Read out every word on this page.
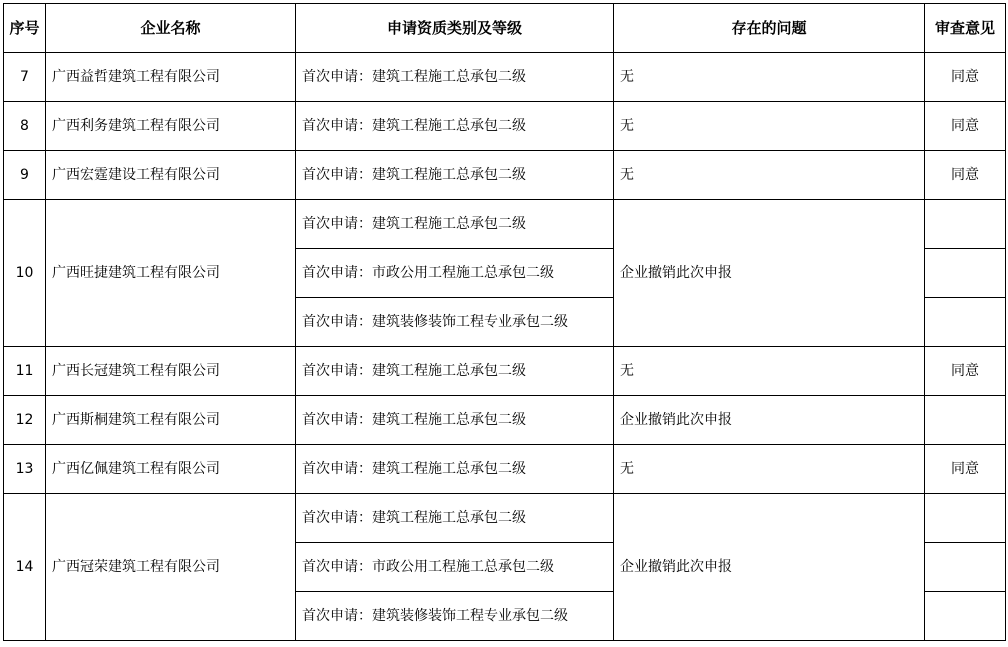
序号	企业名称	申请资质类别及等级	存在的问题	审查意见
7	广西益哲建筑工程有限公司	首次申请：建筑工程施工总承包二级	无	同意
8	广西利务建筑工程有限公司	首次申请：建筑工程施工总承包二级	无	同意
9	广西宏霆建设工程有限公司	首次申请：建筑工程施工总承包二级	无	同意
10	广西旺捷建筑工程有限公司	首次申请：建筑工程施工总承包二级	企业撤销此次申报	
		首次申请：市政公用工程施工总承包二级		
		首次申请：建筑装修装饰工程专业承包二级		
11	广西长冠建筑工程有限公司	首次申请：建筑工程施工总承包二级	无	同意
12	广西斯桐建筑工程有限公司	首次申请：建筑工程施工总承包二级	企业撤销此次申报	
13	广西亿佩建筑工程有限公司	首次申请：建筑工程施工总承包二级	无	同意
14	广西冠荣建筑工程有限公司	首次申请：建筑工程施工总承包二级	企业撤销此次申报	
		首次申请：市政公用工程施工总承包二级		
		首次申请：建筑装修装饰工程专业承包二级		
